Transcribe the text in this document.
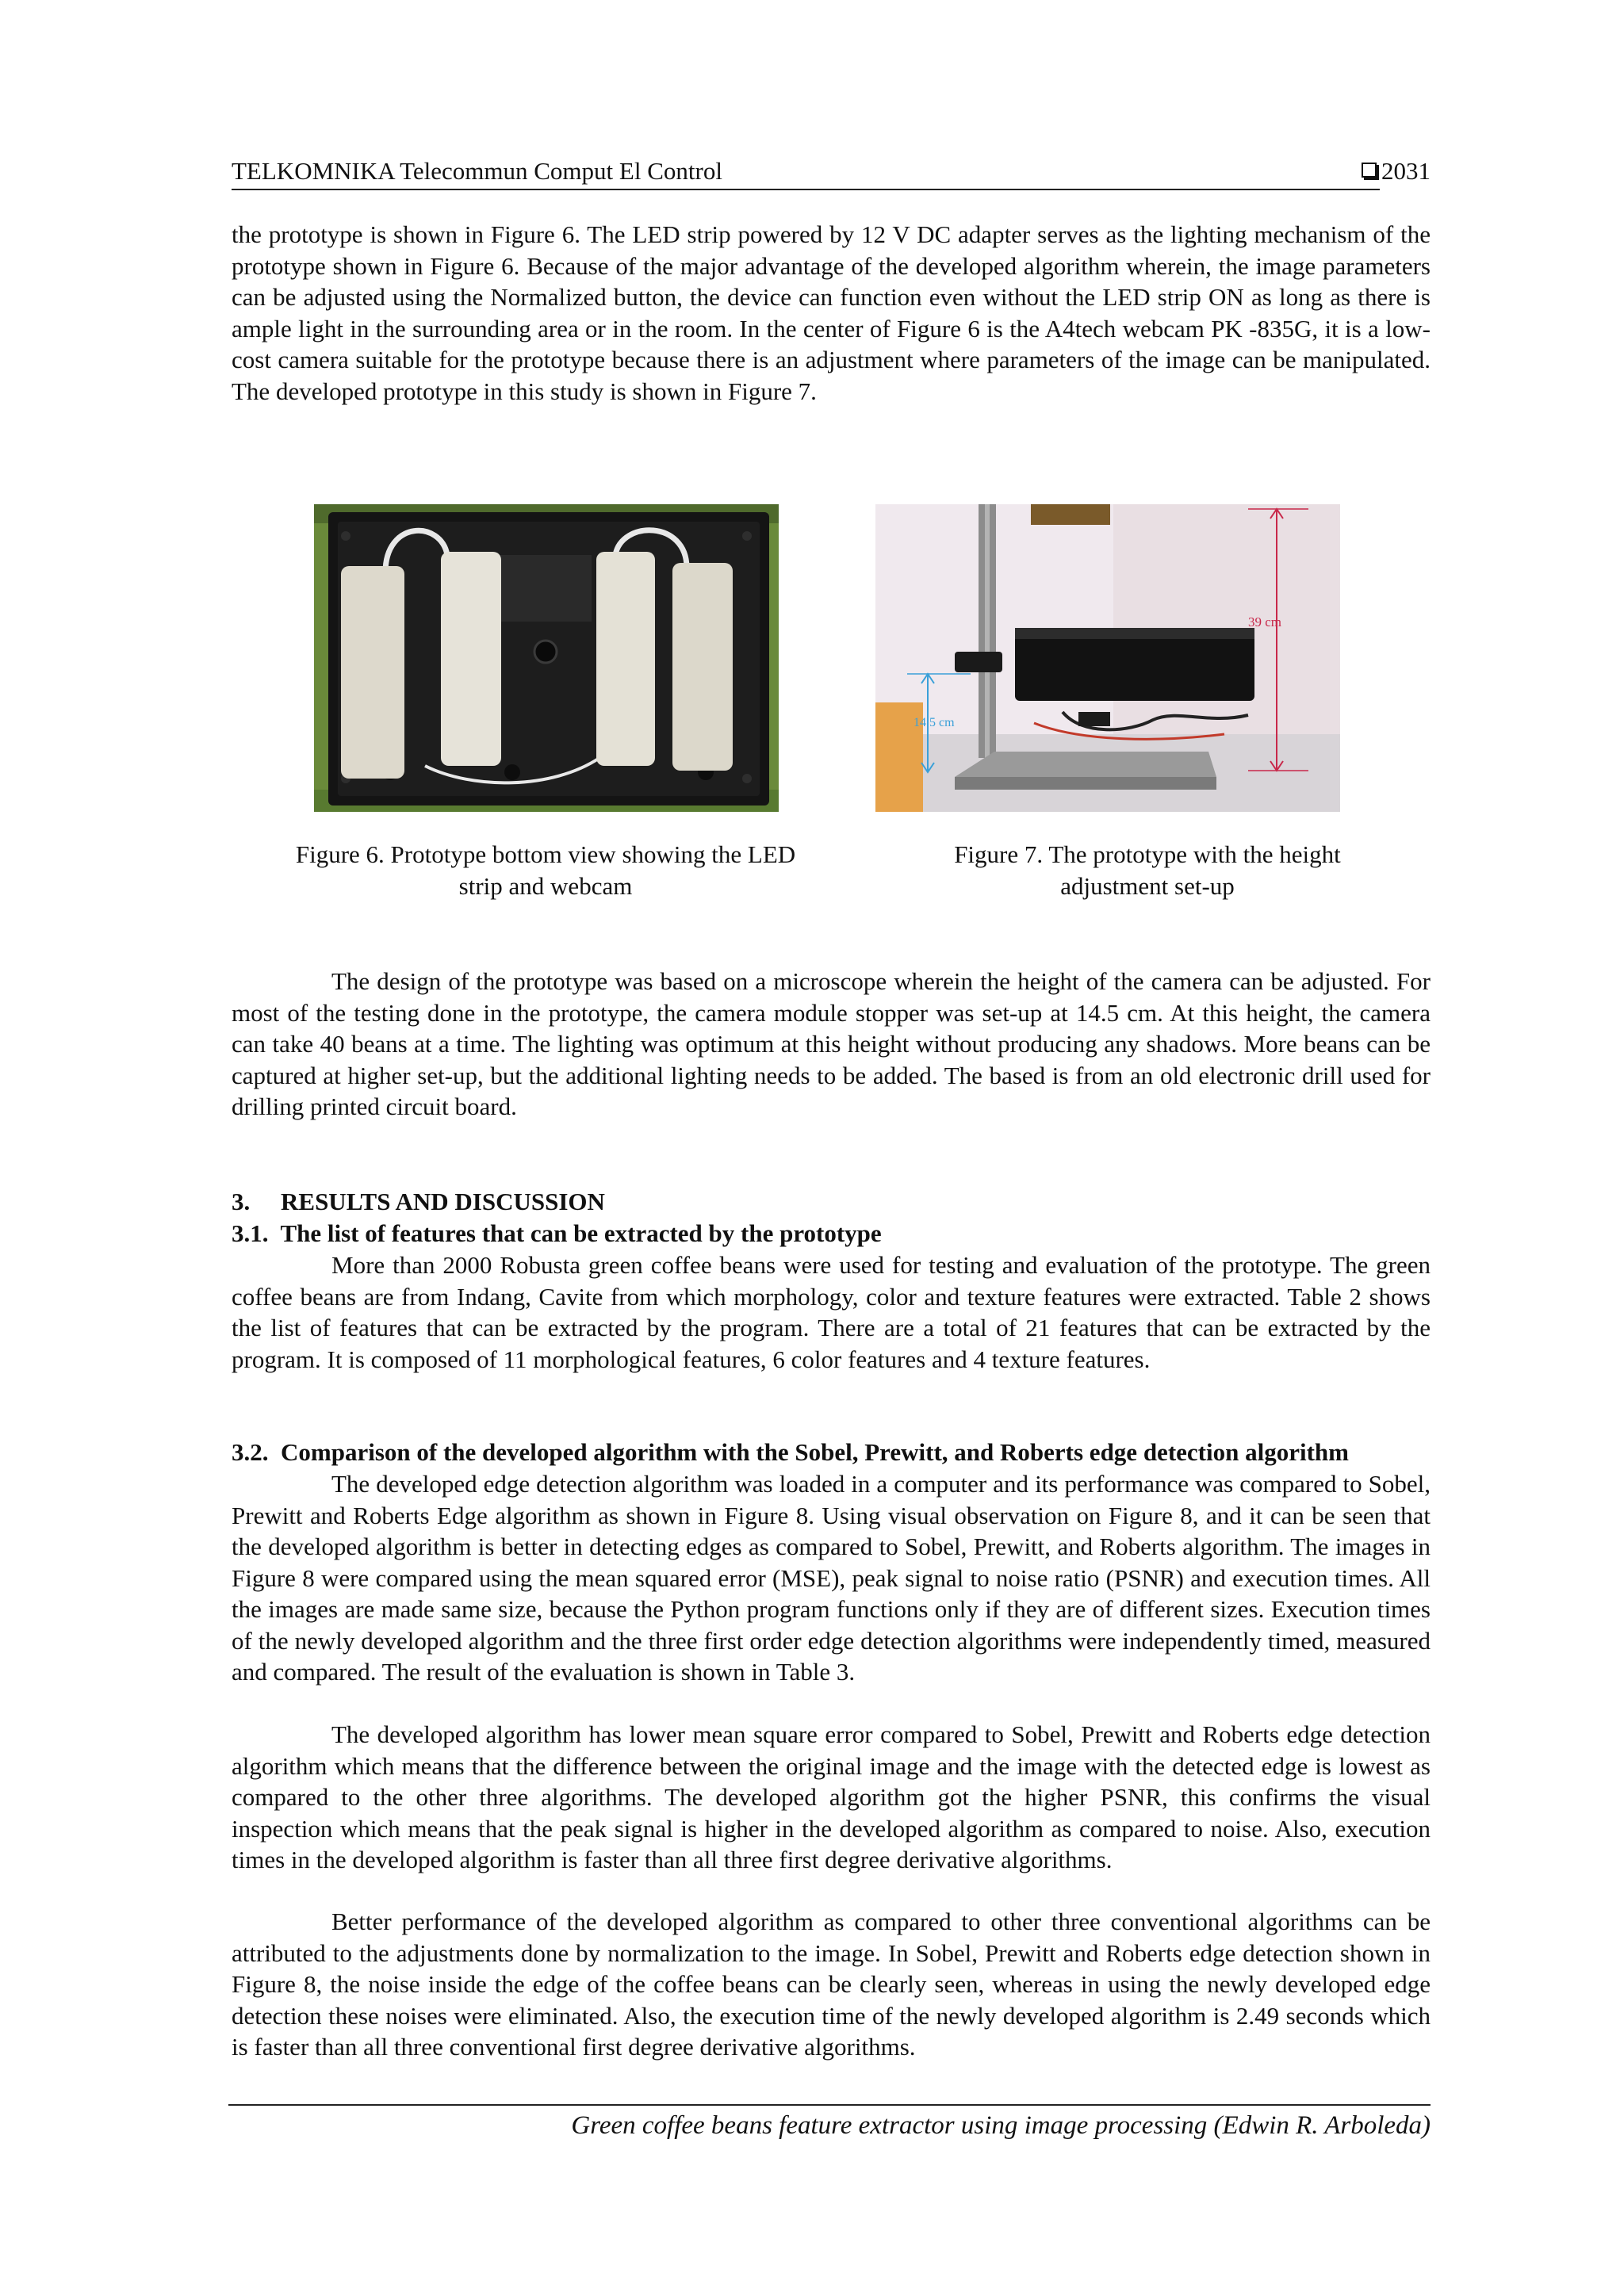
TELKOMNIKA Telecommun Comput El Control	2031

the prototype is shown in Figure 6. The LED strip powered by 12 V DC adapter serves as the lighting mechanism of the prototype shown in Figure 6. Because of the major advantage of the developed algorithm wherein, the image parameters can be adjusted using the Normalized button, the device can function even without the LED strip ON as long as there is ample light in the surrounding area or in the room. In the center of Figure 6 is the A4tech webcam PK -835G, it is a low-cost camera suitable for the prototype because there is an adjustment where parameters of the image can be manipulated. The developed prototype in this study is shown in Figure 7.

39 cm
14.5 cm
Figure 6. Prototype bottom view showing the LED
strip and webcam
Figure 7. The prototype with the height
adjustment set-up

The design of the prototype was based on a microscope wherein the height of the camera can be adjusted. For most of the testing done in the prototype, the camera module stopper was set-up at 14.5 cm. At this height, the camera can take 40 beans at a time. The lighting was optimum at this height without producing any shadows. More beans can be captured at higher set-up, but the additional lighting needs to be added. The based is from an old electronic drill used for drilling printed circuit board.

3.     RESULTS AND DISCUSSION

3.1.  The list of features that can be extracted by the prototype

More than 2000 Robusta green coffee beans were used for testing and evaluation of the prototype. The green coffee beans are from Indang, Cavite from which morphology, color and texture features were extracted. Table 2 shows the list of features that can be extracted by the program. There are a total of 21 features that can be extracted by the program. It is composed of 11 morphological features, 6 color features and 4 texture features.

3.2.  Comparison of the developed algorithm with the Sobel, Prewitt, and Roberts edge detection algorithm

The developed edge detection algorithm was loaded in a computer and its performance was compared to Sobel, Prewitt and Roberts Edge algorithm as shown in Figure 8. Using visual observation on Figure 8, and it can be seen that the developed algorithm is better in detecting edges as compared to Sobel, Prewitt, and Roberts algorithm. The images in Figure 8 were compared using the mean squared error (MSE), peak signal to noise ratio (PSNR) and execution times. All the images are made same size, because the Python program functions only if they are of different sizes. Execution times of the newly developed algorithm and the three first order edge detection algorithms were independently timed, measured and compared. The result of the evaluation is shown in Table 3.

The developed algorithm has lower mean square error compared to Sobel, Prewitt and Roberts edge detection algorithm which means that the difference between the original image and the image with the detected edge is lowest as compared to the other three algorithms. The developed algorithm got the higher PSNR, this confirms the visual inspection which means that the peak signal is higher in the developed algorithm as compared to noise. Also, execution times in the developed algorithm is faster than all three first degree derivative algorithms.

Better performance of the developed algorithm as compared to other three conventional algorithms can be attributed to the adjustments done by normalization to the image. In Sobel, Prewitt and Roberts edge detection shown in Figure 8, the noise inside the edge of the coffee beans can be clearly seen, whereas in using the newly developed edge detection these noises were eliminated. Also, the execution time of the newly developed algorithm is 2.49 seconds which is faster than all three conventional first degree derivative algorithms.

Green coffee beans feature extractor using image processing (Edwin R. Arboleda)
